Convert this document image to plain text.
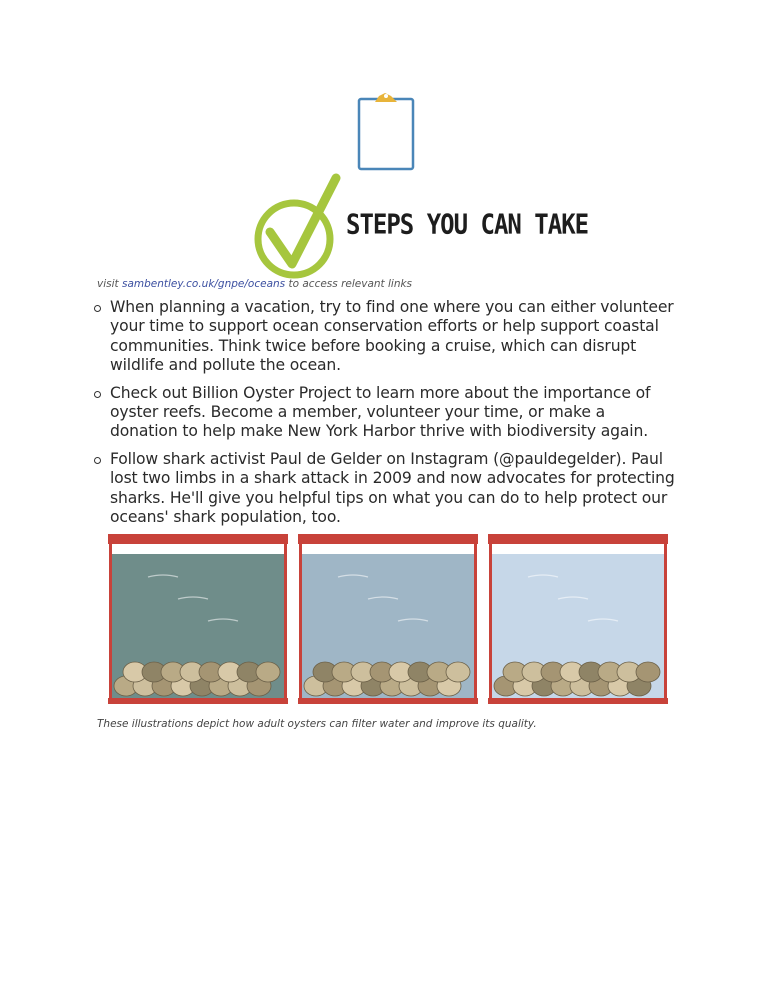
STEPS YOU CAN TAKE
visit sambentley.co.uk/gnpe/oceans to access relevant links
When planning a vacation, try to find one where you can either volunteer your time to support ocean conservation efforts or help support coastal communities. Think twice before booking a cruise, which can disrupt wildlife and pollute the ocean.
Check out Billion Oyster Project to learn more about the importance of oyster reefs. Become a member, volunteer your time, or make a donation to help make New York Harbor thrive with biodiversity again.
Follow shark activist Paul de Gelder on Instagram (@pauldegelder). Paul lost two limbs in a shark attack in 2009 and now advocates for protecting sharks. He'll give you helpful tips on what you can do to help protect our oceans' shark population, too.
These illustrations depict how adult oysters can filter water and improve its quality.
